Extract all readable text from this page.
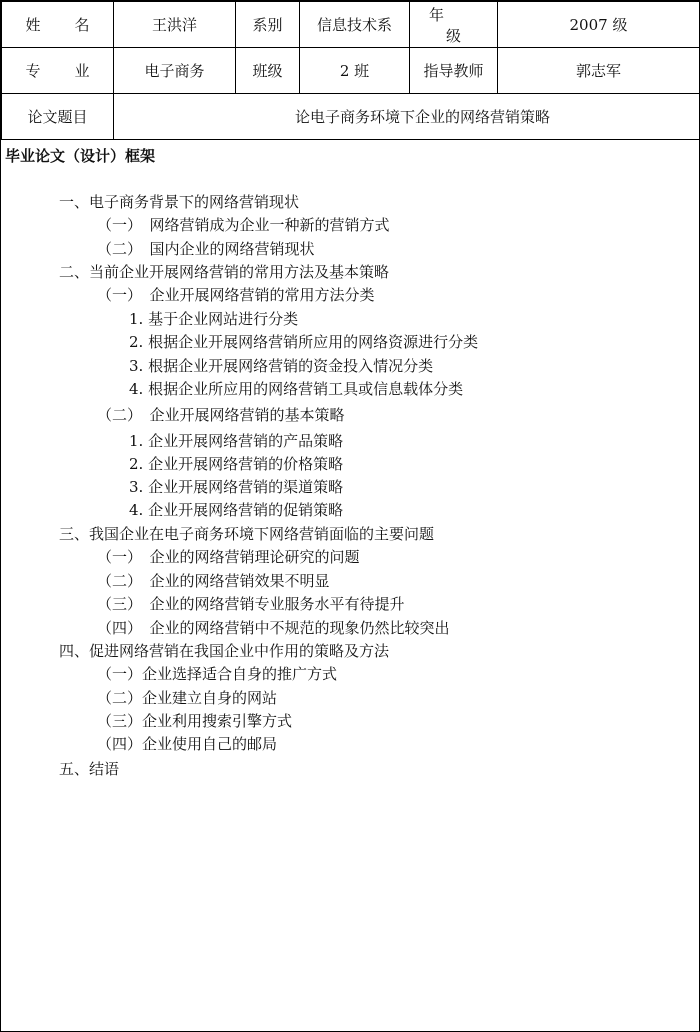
姓名	王洪洋	系别	信息技术系	年级	2007 级
专业	电子商务	班级	2 班	指导教师	郭志军
论文题目	论电子商务环境下企业的网络营销策略				
毕业论文（设计）框架
一、电子商务背景下的网络营销现状
（一）　网络营销成为企业一种新的营销方式
（二）　国内企业的网络营销现状
二、当前企业开展网络营销的常用方法及基本策略
（一）　企业开展网络营销的常用方法分类
1. 基于企业网站进行分类
2. 根据企业开展网络营销所应用的网络资源进行分类
3. 根据企业开展网络营销的资金投入情况分类
4. 根据企业所应用的网络营销工具或信息载体分类
（二）　企业开展网络营销的基本策略
1. 企业开展网络营销的产品策略
2. 企业开展网络营销的价格策略
3. 企业开展网络营销的渠道策略
4. 企业开展网络营销的促销策略
三、我国企业在电子商务环境下网络营销面临的主要问题
（一）　企业的网络营销理论研究的问题
（二）　企业的网络营销效果不明显
（三）　企业的网络营销专业服务水平有待提升
（四）　企业的网络营销中不规范的现象仍然比较突出
四、促进网络营销在我国企业中作用的策略及方法
（一）企业选择适合自身的推广方式
（二）企业建立自身的网站
（三）企业利用搜索引擎方式
（四）企业使用自己的邮局
五、结语
